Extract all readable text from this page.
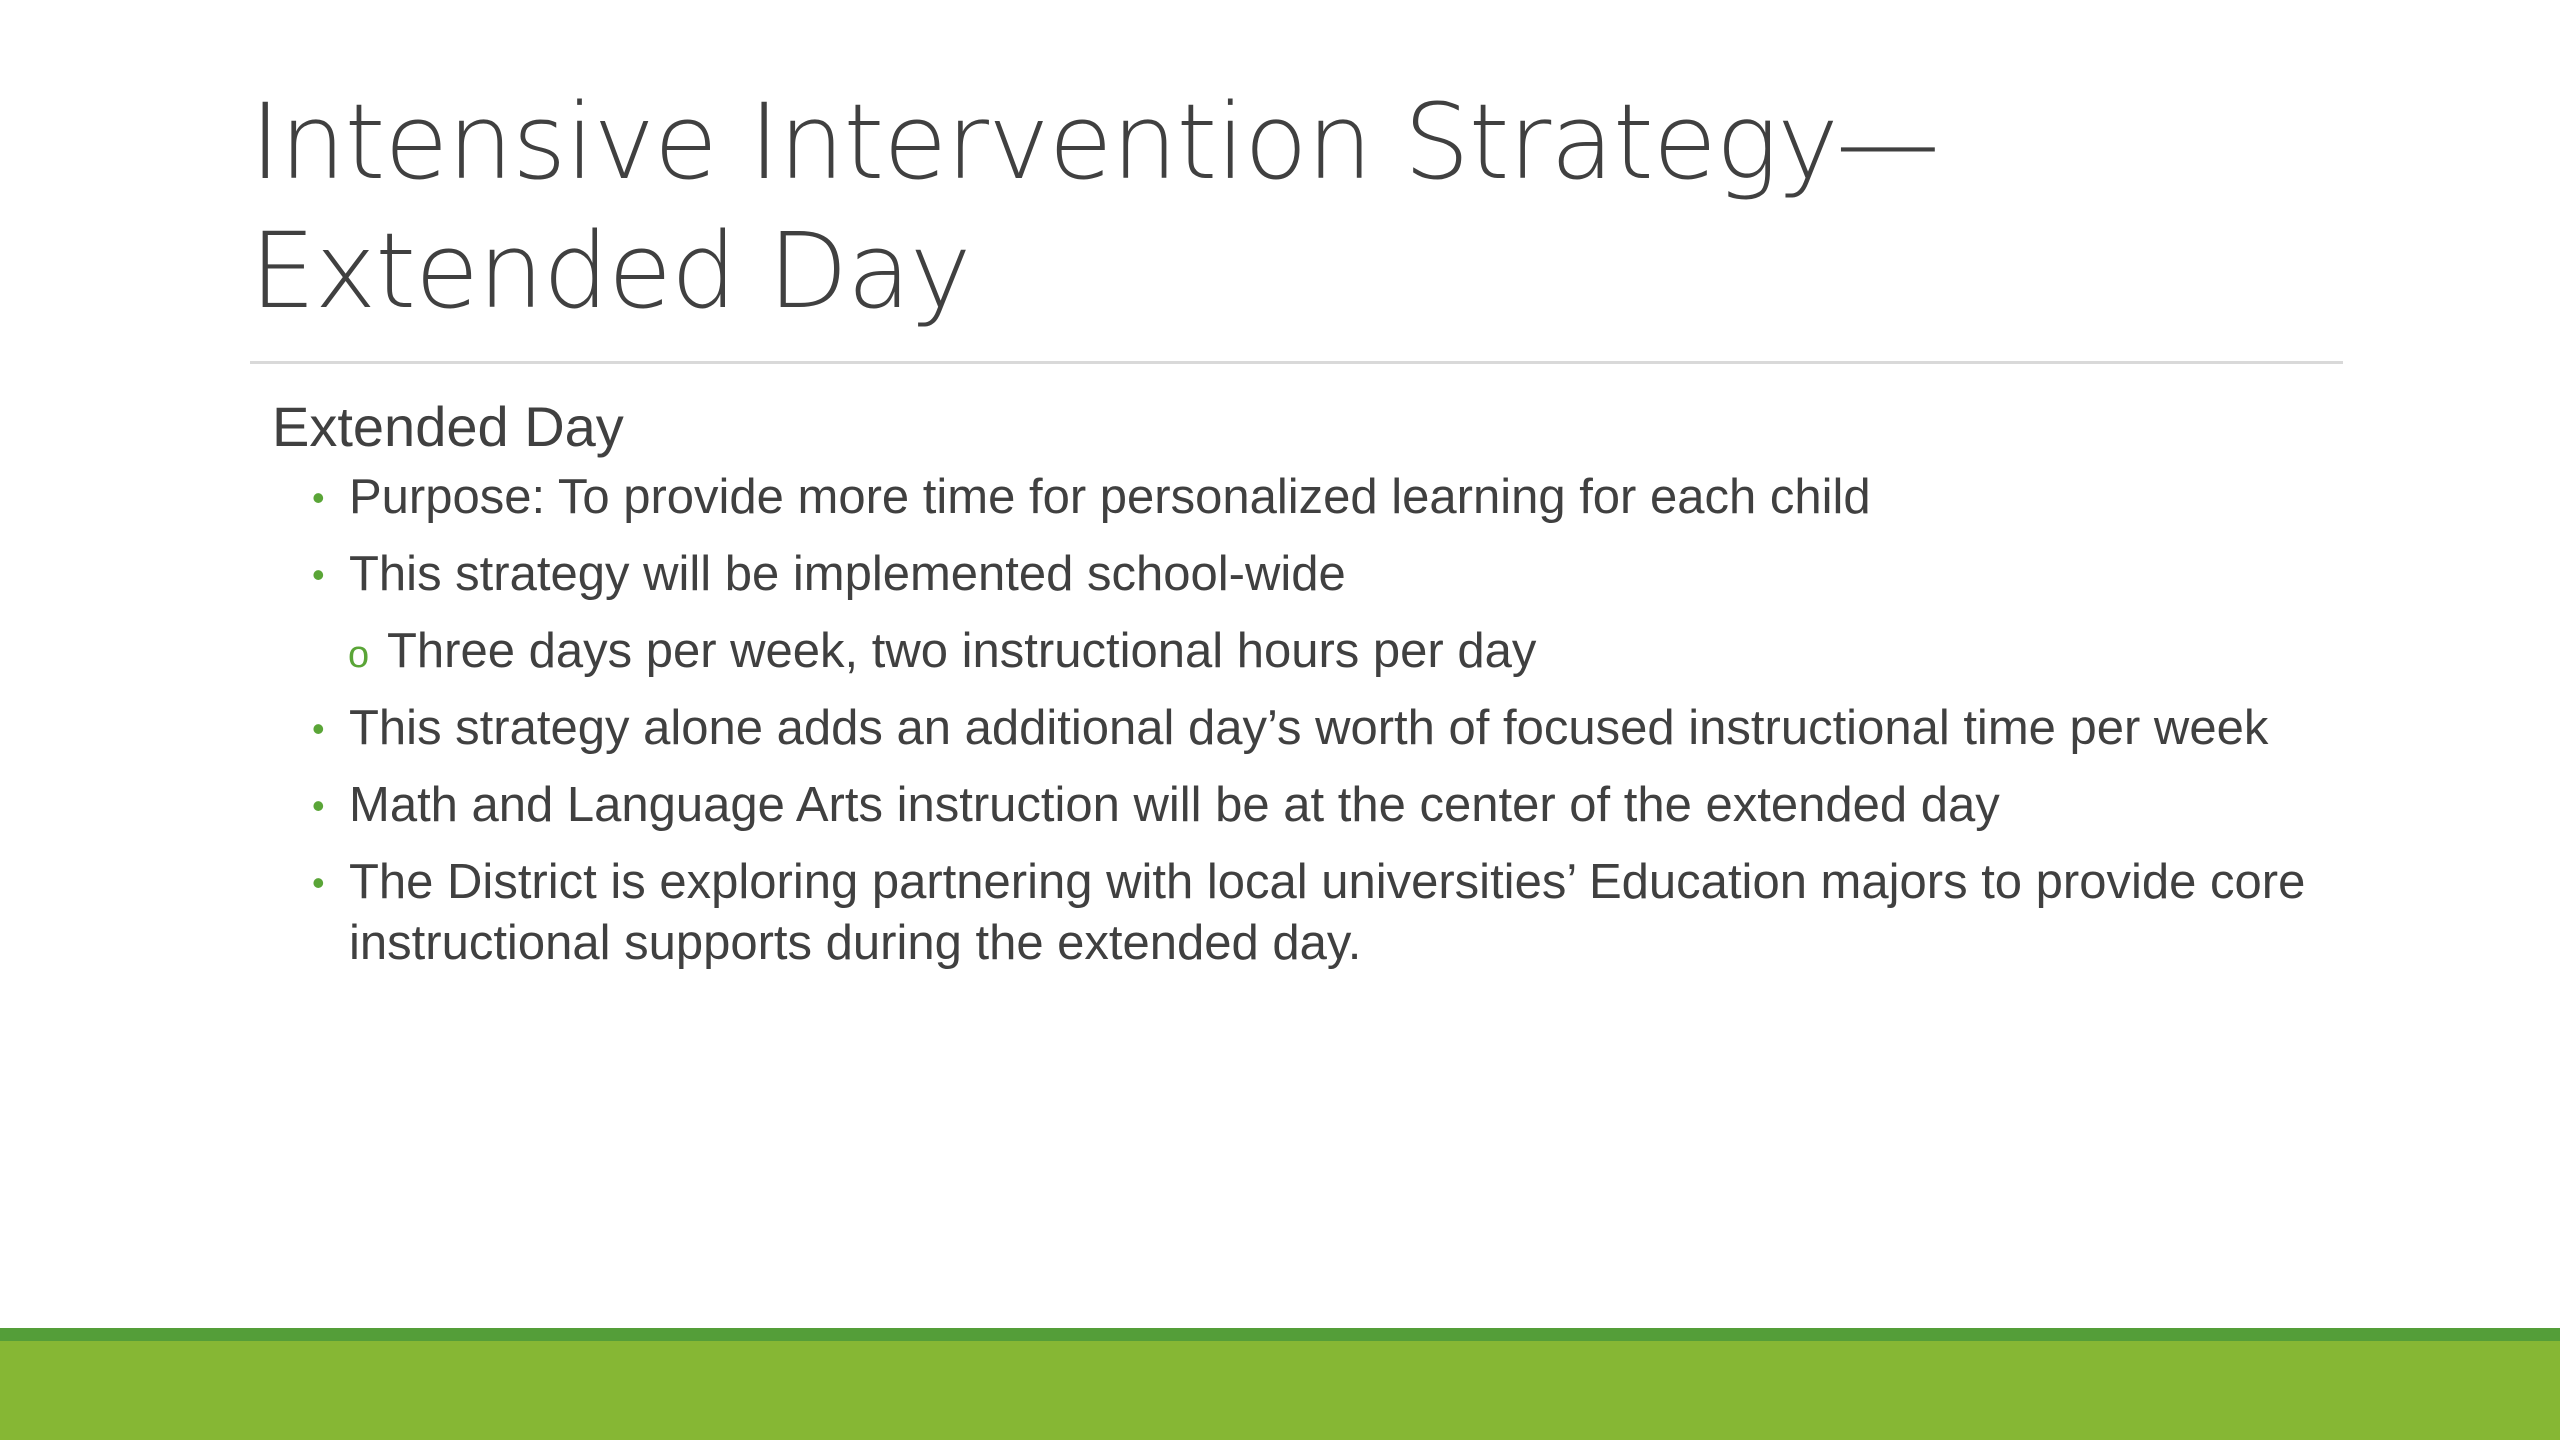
Intensive Intervention Strategy—
Extended Day
Extended Day
• Purpose: To provide more time for personalized learning for each child
• This strategy will be implemented school-wide
o Three days per week, two instructional hours per day
• This strategy alone adds an additional day’s worth of focused instructional time per week
• Math and Language Arts instruction will be at the center of the extended day
• The District is exploring partnering with local universities’ Education majors to provide core instructional supports during the extended day.
